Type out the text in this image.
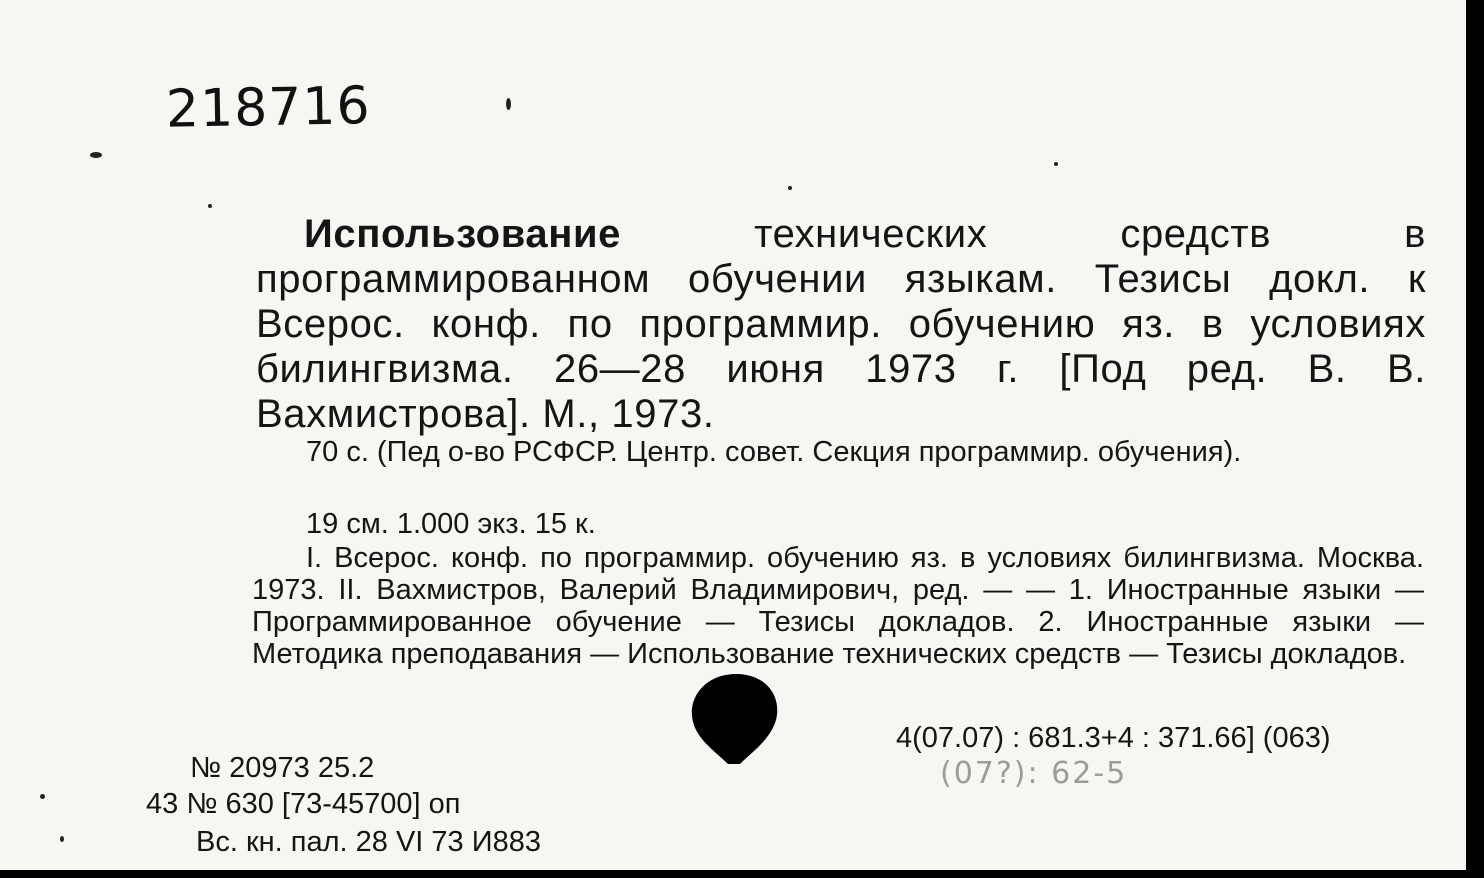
218716

Использование технических средств в программированном обучении языкам. Тезисы докл. к Всерос. конф. по программир. обучению яз. в условиях билингвизма. 26—28 июня 1973 г. [Под ред. В. В. Вахмистрова]. М., 1973.

70 с. (Пед о-во РСФСР. Центр. совет. Секция программир. обучения).

19 см. 1.000 экз. 15 к.

I. Всерос. конф. по программир. обучению яз. в условиях билингвизма. Москва. 1973. II. Вахмистров, Валерий Владимирович, ред. — — 1. Иностранные языки — Программированное обучение — Тезисы докладов. 2. Иностранные языки — Методика преподавания — Использование технических средств — Тезисы докладов.

4(07.07) : 681.3+4 : 371.66] (063)

(07?): 62-5

№ 20973 25.2

43 № 630 [73-45700] оп

Вс. кн. пал. 28 VI 73 И883
